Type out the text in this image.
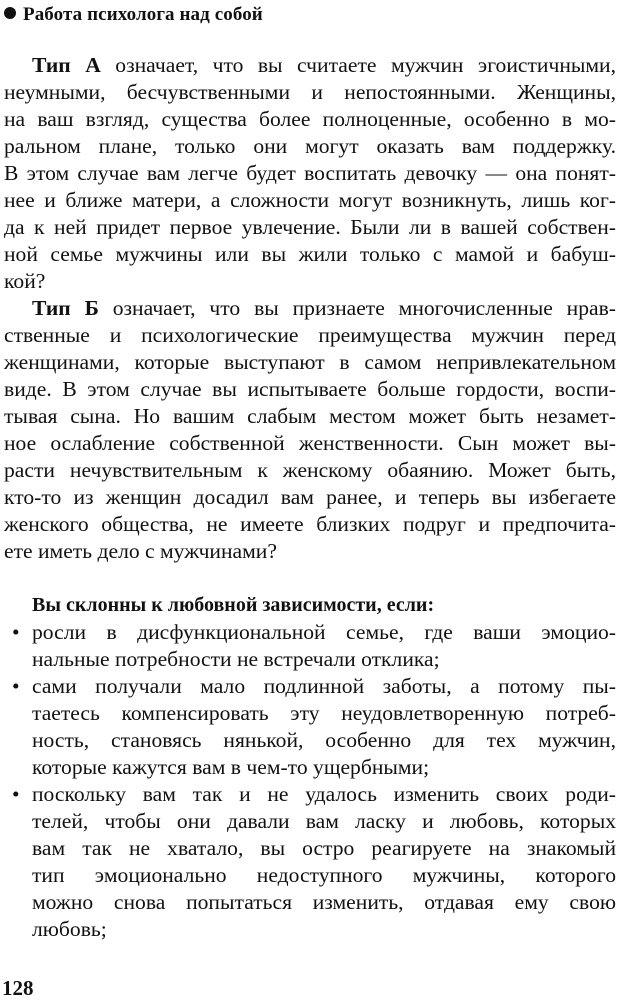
Работа психолога над собой
Тип А означает, что вы считаете мужчин эгоистичными,
неумными, бесчувственными и непостоянными. Женщины,
на ваш взгляд, существа более полноценные, особенно в мо-
ральном плане, только они могут оказать вам поддержку.
В этом случае вам легче будет воспитать девочку — она понят-
нее и ближе матери, а сложности могут возникнуть, лишь ког-
да к ней придет первое увлечение. Были ли в вашей собствен-
ной семье мужчины или вы жили только с мамой и бабуш-
кой?
Тип Б означает, что вы признаете многочисленные нрав-
ственные и психологические преимущества мужчин перед
женщинами, которые выступают в самом непривлекательном
виде. В этом случае вы испытываете больше гордости, воспи-
тывая сына. Но вашим слабым местом может быть незамет-
ное ослабление собственной женственности. Сын может вы-
расти нечувствительным к женскому обаянию. Может быть,
кто-то из женщин досадил вам ранее, и теперь вы избегаете
женского общества, не имеете близких подруг и предпочита-
ете иметь дело с мужчинами?
Вы склонны к любовной зависимости, если:
• росли в дисфункциональной семье, где ваши эмоцио-
нальные потребности не встречали отклика;
• сами получали мало подлинной заботы, а потому пы-
таетесь компенсировать эту неудовлетворенную потреб-
ность, становясь нянькой, особенно для тех мужчин,
которые кажутся вам в чем-то ущербными;
• поскольку вам так и не удалось изменить своих роди-
телей, чтобы они давали вам ласку и любовь, которых
вам так не хватало, вы остро реагируете на знакомый
тип эмоционально недоступного мужчины, которого
можно снова попытаться изменить, отдавая ему свою
любовь;
128
